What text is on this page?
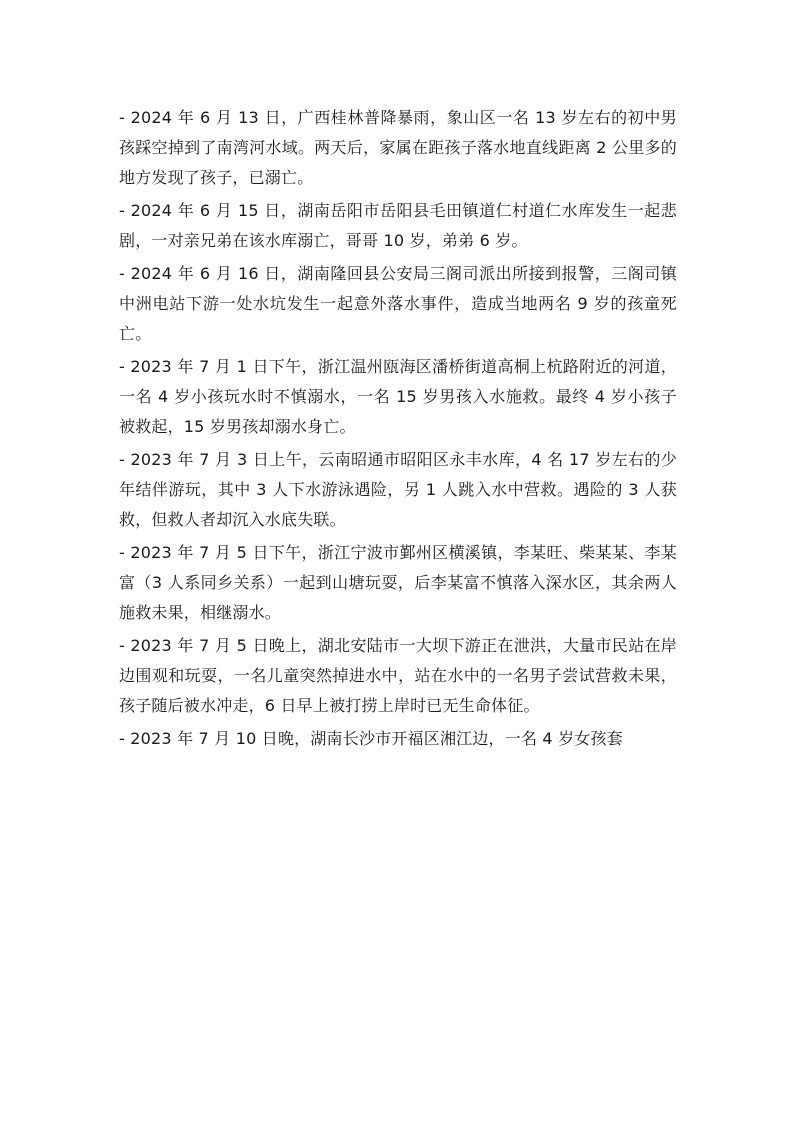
- 2024 年 6 月 13 日，广西桂林普降暴雨，象山区一名 13 岁左右的初中男孩踩空掉到了南湾河水域。两天后，家属在距孩子落水地直线距离 2 公里多的地方发现了孩子，已溺亡。

- 2024 年 6 月 15 日，湖南岳阳市岳阳县毛田镇道仁村道仁水库发生一起悲剧，一对亲兄弟在该水库溺亡，哥哥 10 岁，弟弟 6 岁。

- 2024 年 6 月 16 日，湖南隆回县公安局三阁司派出所接到报警，三阁司镇中洲电站下游一处水坑发生一起意外落水事件，造成当地两名 9 岁的孩童死亡。

- 2023 年 7 月 1 日下午，浙江温州瓯海区潘桥街道高桐上杭路附近的河道，一名 4 岁小孩玩水时不慎溺水，一名 15 岁男孩入水施救。最终 4 岁小孩子被救起，15 岁男孩却溺水身亡。

- 2023 年 7 月 3 日上午，云南昭通市昭阳区永丰水库，4 名 17 岁左右的少年结伴游玩，其中 3 人下水游泳遇险，另 1 人跳入水中营救。遇险的 3 人获救，但救人者却沉入水底失联。

- 2023 年 7 月 5 日下午，浙江宁波市鄞州区横溪镇，李某旺、柴某某、李某富（3 人系同乡关系）一起到山塘玩耍，后李某富不慎落入深水区，其余两人施救未果，相继溺水。

- 2023 年 7 月 5 日晚上，湖北安陆市一大坝下游正在泄洪，大量市民站在岸边围观和玩耍，一名儿童突然掉进水中，站在水中的一名男子尝试营救未果，孩子随后被水冲走，6 日早上被打捞上岸时已无生命体征。

- 2023 年 7 月 10 日晚，湖南长沙市开福区湘江边，一名 4 岁女孩套
